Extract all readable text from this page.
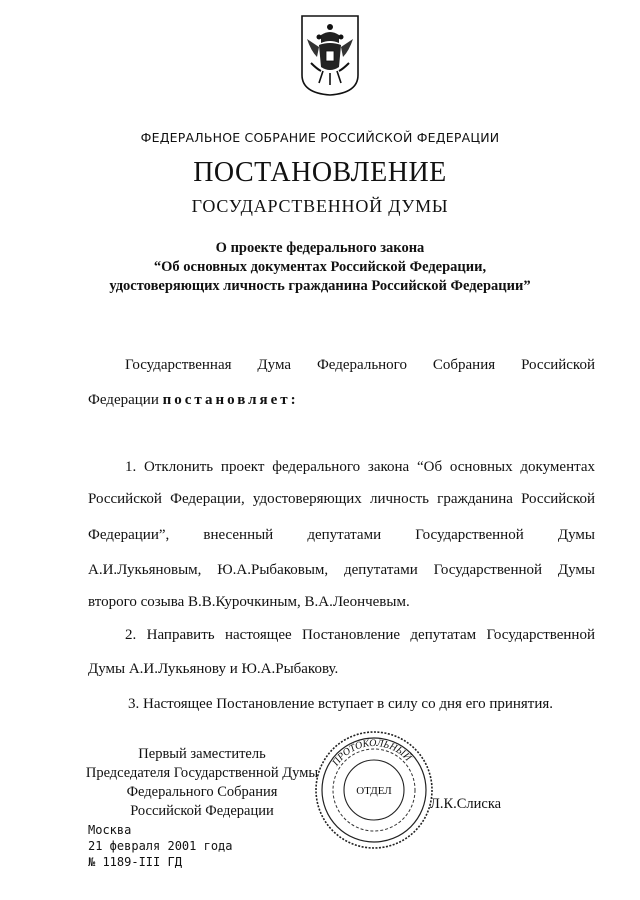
ФЕДЕРАЛЬНОЕ СОБРАНИЕ РОССИЙСКОЙ ФЕДЕРАЦИИ
ПОСТАНОВЛЕНИЕ
ГОСУДАРСТВЕННОЙ ДУМЫ
О проекте федерального закона
“Об основных документах Российской Федерации,
удостоверяющих личность гражданина Российской Федерации”
Государственная Дума Федерального Собрания Российской
Федерации постановляет:
1. Отклонить проект федерального закона “Об основных документах
Российской Федерации, удостоверяющих личность гражданина Российской
Федерации”, внесенный депутатами Государственной Думы
А.И.Лукьяновым, Ю.А.Рыбаковым, депутатами Государственной Думы
второго созыва В.В.Курочкиным, В.А.Леончевым.
2. Направить настоящее Постановление депутатам Государственной
Думы А.И.Лукьянову и Ю.А.Рыбакову.
3. Настоящее Постановление вступает в силу со дня его принятия.
Первый заместитель
Председателя Государственной Думы
Федерального Собрания
Российской Федерации	Л.К.Слиска
ПРОТОКОЛЬНЫЙ
ОТДЕЛ
Москва
21 февраля 2001 года
№ 1189-III ГД
